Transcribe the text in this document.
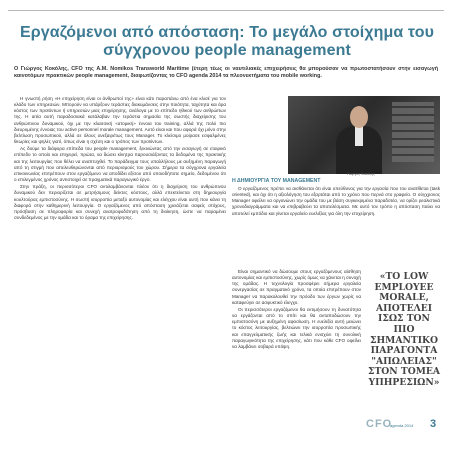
Εργαζόμενοι από απόσταση: Το μεγάλο στοίχημα του σύγχρονου people management

Ο Γιώργος Κοκόλης, CFO της A.M. Nomikos Transworld Maritime (έτερη τέως οι ναυτιλιακές επιχειρήσεις θα μπορούσαν να πρωτοστατήσουν στην εισαγωγή καινοτόμων πρακτικών people management, διαφωτίζοντας το CFO agenda 2014 τα πλεονεκτήματα του mobile working.

Η γνωστή ρήση «Η επιχείρηση είναι οι άνθρωποί της» είναι κάτι παραπάνω από ένα κλισέ για τον κλάδο των υπηρεσιών. Μπορούν να υπάρξουν τεράστιες διακυμάνσεις στην ποιότητα, ταχύτητα και άρα κόστος των προϊόντων ή υπηρεσιών μιας επιχείρησης, ανάλογα με το επίπεδο ηθικού των ανθρώπων της. Η αιτία αυτή παραδοσιακά κατάλαβαν την τεράστια σημασία της σωστής διαχείρισης του ανθρώπινου δυναμικού, όχι με την κλασσική «ατομική» έννοια του training, αλλά της πολύ πιο διευρυμένης έννοιας του active personnel morale management. Αυτό είναι και που αφορά όχι μόνο στην βελτίωση προσωπικού, αλλά σε όλους ανεξαιρέτως τους Manager. Το κλείσιμο μοίρασε εσφαλμένες θεωρίες και ψηλές γιατί, όπως είναι η σχέση και ο τρόπος των προϊόντων.

Ας δούμε τα διάφορα επίπεδα του people management, ξεκινώντας από την εισαγωγή σε εταιρικό επίπεδο το οποίο και επιχειρεί, πρώτα, να δώσει κίνητρα παρουσιάζοντας τα δεδομένα της πρακτικής και της λειτουργίας που θέλει να αναπτυχθεί. Το παράδειγμα τους υπαλλήλους με αυξημένη παραγωγή από τη στιγμή που απελευθερώνονται από περιορισμούς του χώρου. Σήμερα τα σύγχρονα εργαλεία επικοινωνίας επιτρέπουν στον εργαζόμενο να αποδίδει εξίσου από οποιοδήποτε σημείο, δεδομένου ότι ο επιλεγμένος χρόνος αντιστοιχεί σε πραγματικά παραγωγικό έργο.

Στην πράξη, οι περισσότεροι CFO αντιλαμβάνονται πλέον ότι η διαχείριση του ανθρώπινου δυναμικού δεν περιορίζεται σε μετρήσιμους δείκτες κόστους, αλλά επεκτείνεται στη δημιουργία κουλτούρας εμπιστοσύνης. Η σωστή ισορροπία μεταξύ αυτονομίας και ελέγχου είναι αυτή που κάνει τη διαφορά στην καθημερινή λειτουργία. Ο εργαζόμενος από απόσταση χρειάζεται σαφείς στόχους, πρόσβαση σε πληροφορία και συνεχή ανατροφοδότηση από τη διοίκηση, ώστε να παραμένει συνδεδεμένος με την ομάδα και το όραμα της επιχείρησης.

Γιώργος Κοκόλης
Η ΔΗΜΙΟΥΡΓΙΑ ΤΟΥ MANAGEMENT

Ο εργαζόμενος πρέπει να αισθάνεται ότι είναι υπεύθυνος για την εργασία που του ανατίθεται (task oriented), και όχι ότι η αξιολόγηση του εξαρτάται από το χρόνο που περνά στο γραφείο. Ο σύγχρονος Manager οφείλει να οργανώνει την ομάδα του με βάση συγκεκριμένα παραδοτέα, να ορίζει ρεαλιστικά χρονοδιαγράμματα και να επιβραβεύει τα αποτελέσματα. Με αυτό τον τρόπο η απόσταση παύει να αποτελεί εμπόδιο και γίνεται εργαλείο ευελιξίας για όλη την επιχείρηση.

Είναι σημαντικό να δώσουμε στους εργαζόμενους αίσθηση αυτονομίας και εμπιστοσύνης, χωρίς όμως να χάνεται η συνοχή της ομάδας. Η τεχνολογία προσφέρει σήμερα εργαλεία συνεργασίας σε πραγματικό χρόνο, τα οποία επιτρέπουν στον Manager να παρακολουθεί την πρόοδο των έργων χωρίς να καταφεύγει σε ασφυκτικό έλεγχο.

Οι περισσότεροι εργαζόμενοι θα εκτιμήσουν τη δυνατότητα να εργάζονται από το σπίτι και θα ανταποδώσουν την εμπιστοσύνη με αυξημένη αφοσίωση. Η ευελιξία αυτή μειώνει το κόστος λειτουργίας, βελτιώνει την ισορροπία προσωπικής και επαγγελματικής ζωής και τελικά ενισχύει τη συνολική παραγωγικότητα της επιχείρησης, κάτι που κάθε CFO οφείλει να λαμβάνει σοβαρά υπόψη.

«ΤΟ LOW EMPLOYEE MORALE, ΑΠΟΤΕΛΕΙ ΙΣΩΣ ΤΟΝ ΠΙΟ ΣΗΜΑΝΤΙΚΟ ΠΑΡΑΓΟΝΤΑ "ΑΠΩΛΕΙΑΣ" ΣΤΟΝ ΤΟΜΕΑ ΥΠΗΡΕΣΙΩΝ»

CFO
agenda 2014 3
